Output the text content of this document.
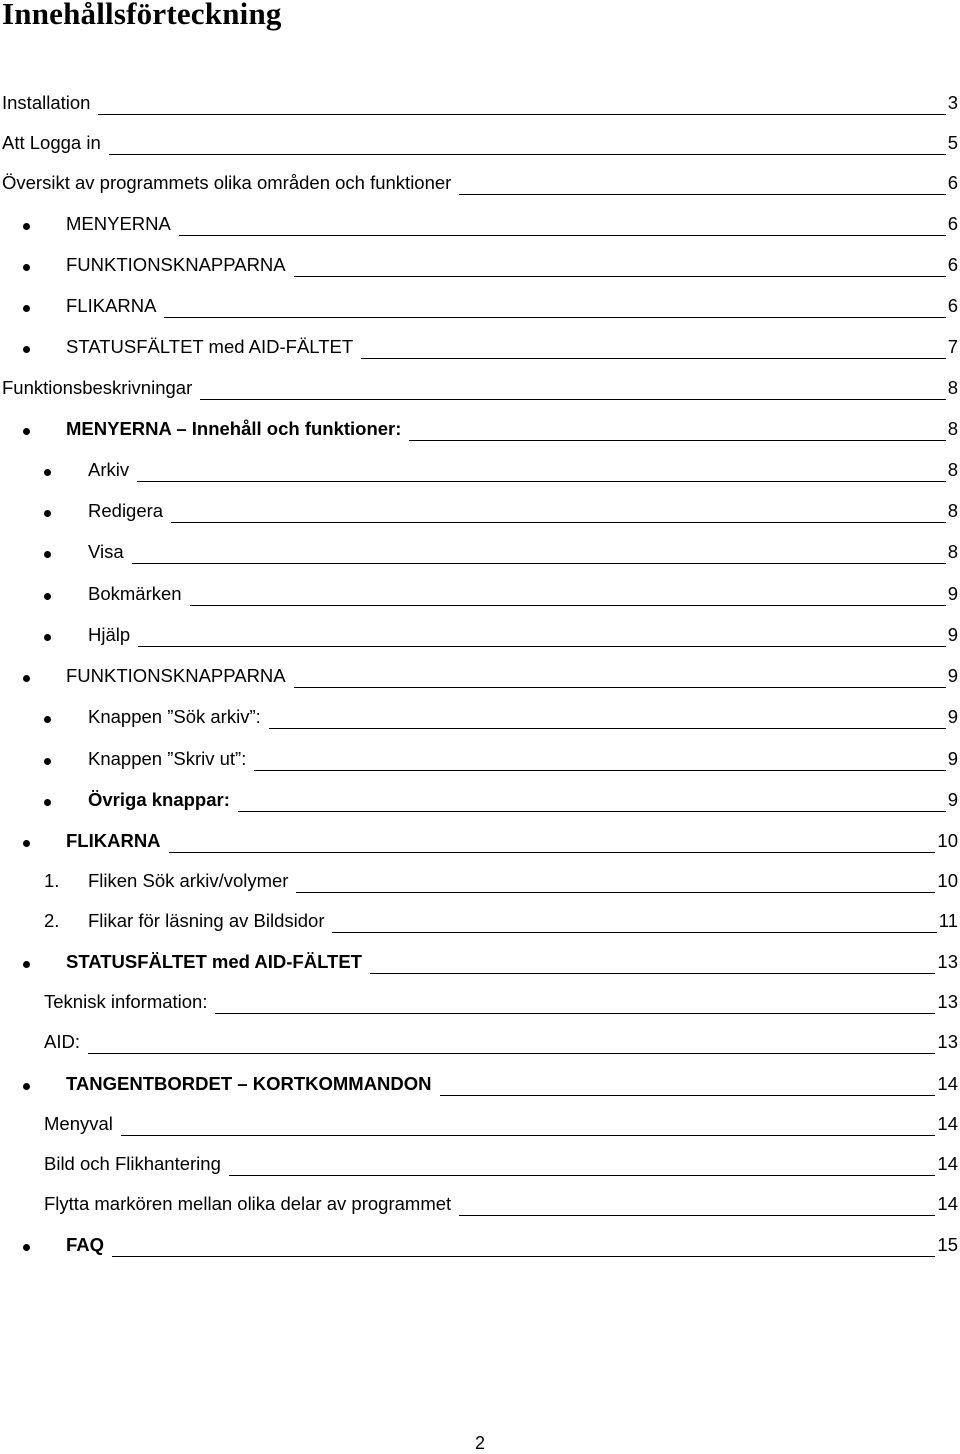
Innehållsförteckning
Installation	3
Att Logga in	5
Översikt av programmets olika områden och funktioner	6
MENYERNA	6
FUNKTIONSKNAPPARNA	6
FLIKARNA	6
STATUSFÄLTET med AID-FÄLTET	7
Funktionsbeskrivningar	8
MENYERNA – Innehåll och funktioner:	8
Arkiv	8
Redigera	8
Visa	8
Bokmärken	9
Hjälp	9
FUNKTIONSKNAPPARNA	9
Knappen ”Sök arkiv”:	9
Knappen ”Skriv ut”:	9
Övriga knappar:	9
FLIKARNA	10
1. Fliken Sök arkiv/volymer	10
2. Flikar för läsning av Bildsidor	11
STATUSFÄLTET med AID-FÄLTET	13
Teknisk information:	13
AID:	13
TANGENTBORDET – KORTKOMMANDON	14
Menyval	14
Bild och Flikhantering	14
Flytta markören mellan olika delar av programmet	14
FAQ	15
2
